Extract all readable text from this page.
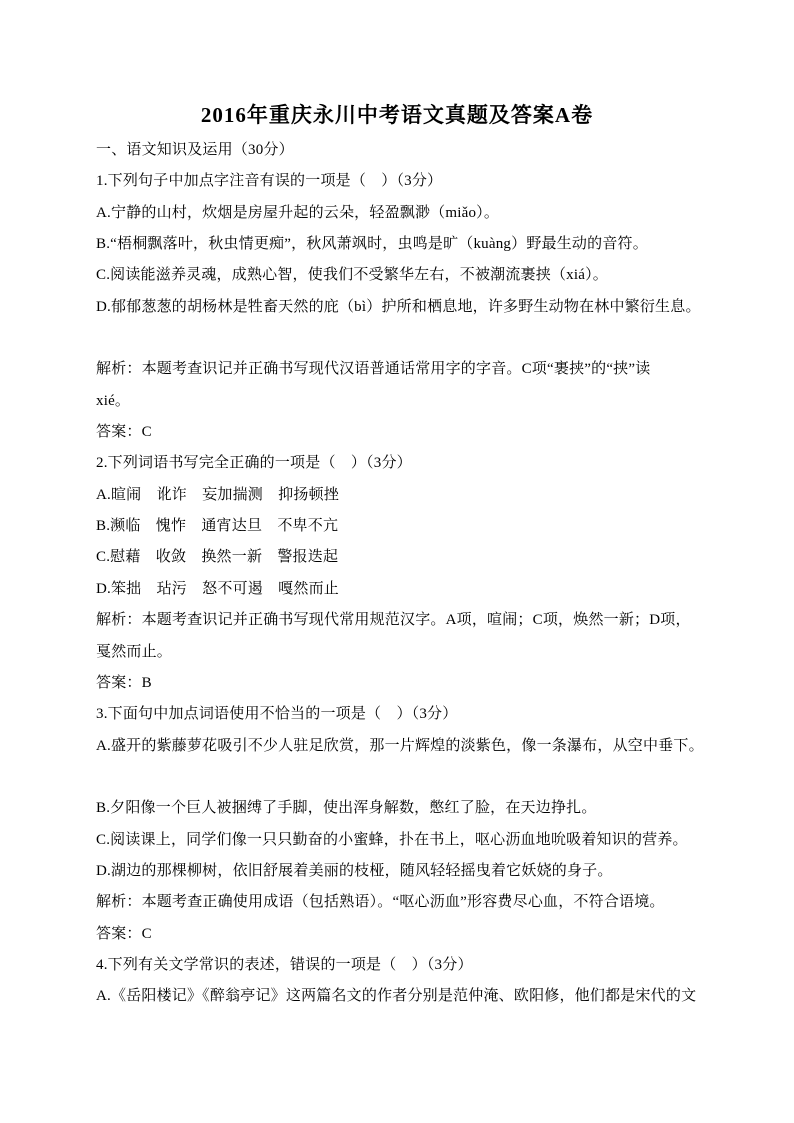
2016年重庆永川中考语文真题及答案A卷
一、语文知识及运用（30分）
1.下列句子中加点字注音有误的一项是（　）（3分）
A.宁静的山村，炊烟是房屋升起的云朵，轻盈飘渺（miǎo）。
B.“梧桐飘落叶，秋虫情更痴”，秋风萧飒时，虫鸣是旷（kuàng）野最生动的音符。
C.阅读能滋养灵魂，成熟心智，使我们不受繁华左右，不被潮流裹挟（xiá）。
D.郁郁葱葱的胡杨林是牲畜天然的庇（bì）护所和栖息地，许多野生动物在林中繁衍生息。
解析：本题考查识记并正确书写现代汉语普通话常用字的字音。C项“裹挟”的“挟”读
xié。
答案：C
2.下列词语书写完全正确的一项是（　）（3分）
A.暄闹　讹诈　妄加揣测　抑扬顿挫
B.濒临　愧怍　通宵达旦　不卑不亢
C.慰藉　收敛　换然一新　警报迭起
D.笨拙　玷污　怒不可遏　嘎然而止
解析：本题考查识记并正确书写现代常用规范汉字。A项，喧闹；C项，焕然一新；D项，
戛然而止。
答案：B
3.下面句中加点词语使用不恰当的一项是（　）（3分）
A.盛开的紫藤萝花吸引不少人驻足欣赏，那一片辉煌的淡紫色，像一条瀑布，从空中垂下。
B.夕阳像一个巨人被捆缚了手脚，使出浑身解数，憋红了脸，在天边挣扎。
C.阅读课上，同学们像一只只勤奋的小蜜蜂，扑在书上，呕心沥血地吮吸着知识的营养。
D.湖边的那棵柳树，依旧舒展着美丽的枝桠，随风轻轻摇曳着它妖娆的身子。
解析：本题考查正确使用成语（包括熟语）。“呕心沥血”形容费尽心血，不符合语境。
答案：C
4.下列有关文学常识的表述，错误的一项是（　）（3分）
A.《岳阳楼记》《醉翁亭记》这两篇名文的作者分别是范仲淹、欧阳修，他们都是宋代的文
